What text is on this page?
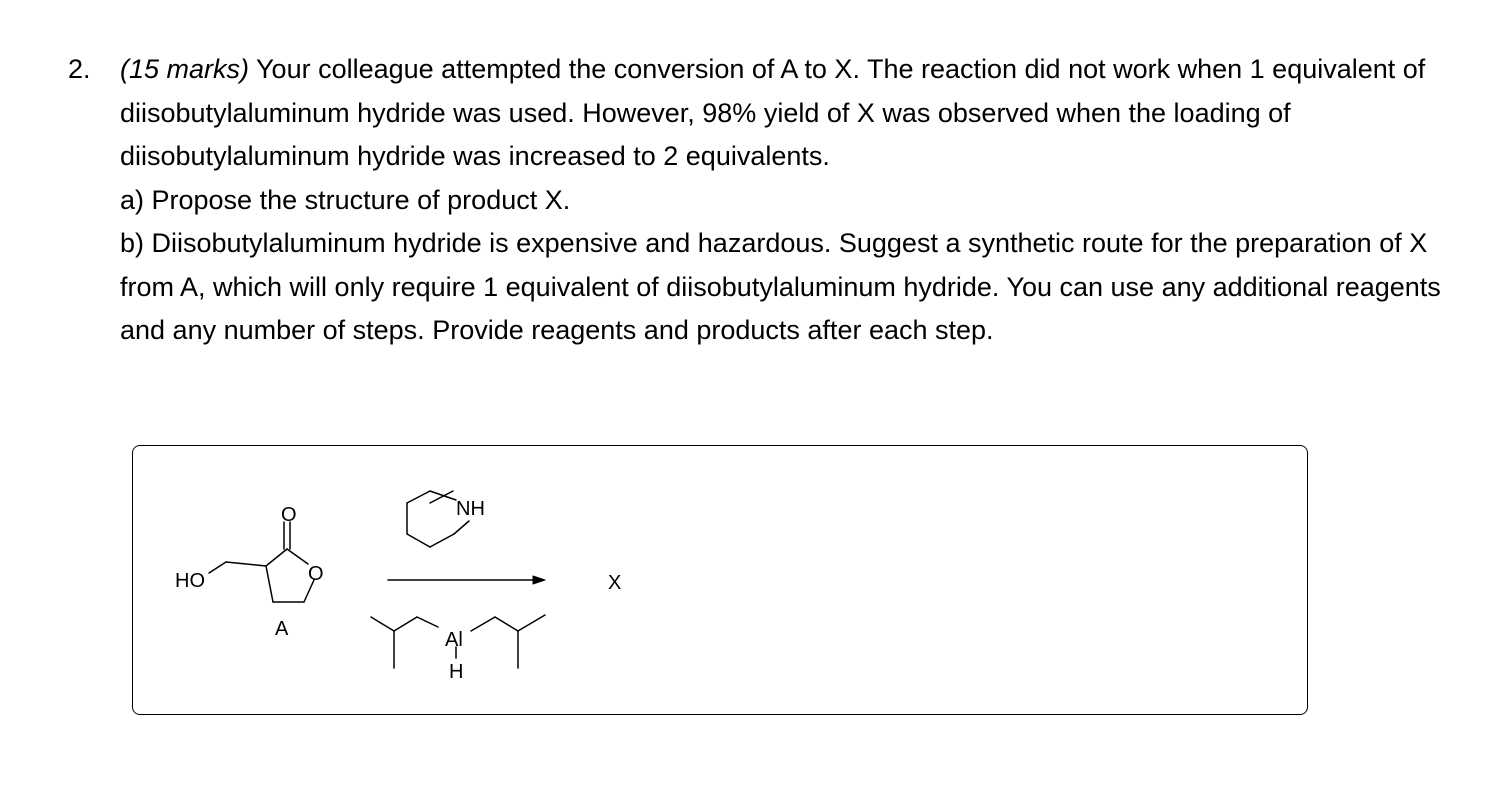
2. (15 marks) Your colleague attempted the conversion of A to X. The reaction did not work when 1 equivalent of diisobutylaluminum hydride was used. However, 98% yield of X was observed when the loading of diisobutylaluminum hydride was increased to 2 equivalents.

a) Propose the structure of product X.

b) Diisobutylaluminum hydride is expensive and hazardous. Suggest a synthetic route for the preparation of X from A, which will only require 1 equivalent of diisobutylaluminum hydride. You can use any additional reagents and any number of steps. Provide reagents and products after each step.

HO
O
O
A
NH
Al
H
X
